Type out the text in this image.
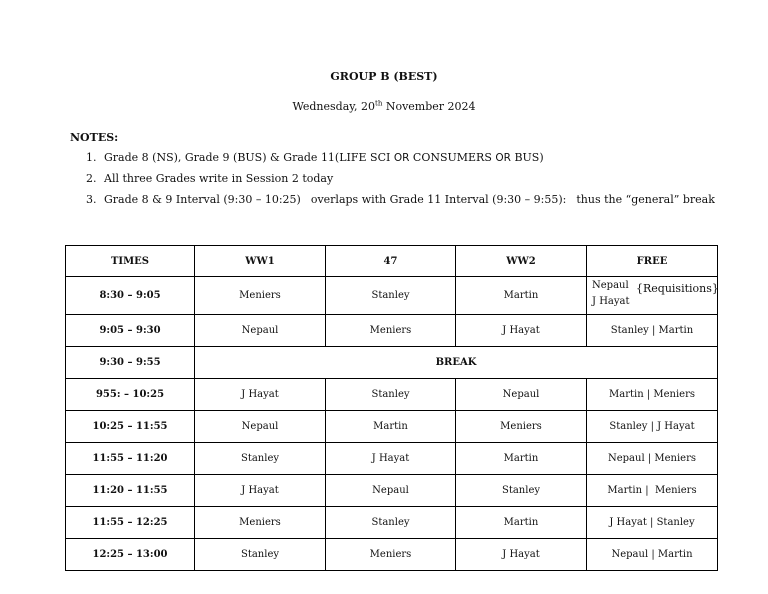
GROUP B (BEST)
Wednesday, 20th November 2024
NOTES:
1. Grade 8 (NS), Grade 9 (BUS) & Grade 11(LIFE SCI OR CONSUMERS OR BUS)
2. All three Grades write in Session 2 today
3. Grade 8 & 9 Interval (9:30 – 10:25) overlaps with Grade 11 Interval (9:30 – 9:55): thus the “general” break
TIMES	WW1	47	WW2	FREE
8:30 – 9:05	Meniers	Stanley	Martin	Nepaul
J Hayat
{Requisitions}

9:05 – 9:30	Nepaul	Meniers	J Hayat	Stanley | Martin
9:30 – 9:55	BREAK			
955: – 10:25	J Hayat	Stanley	Nepaul	Martin | Meniers
10:25 – 11:55	Nepaul	Martin	Meniers	Stanley | J Hayat
11:55 – 11:20	Stanley	J Hayat	Martin	Nepaul | Meniers
11:20 – 11:55	J Hayat	Nepaul	Stanley	Martin |  Meniers
11:55 – 12:25	Meniers	Stanley	Martin	J Hayat | Stanley
12:25 – 13:00	Stanley	Meniers	J Hayat	Nepaul | Martin
